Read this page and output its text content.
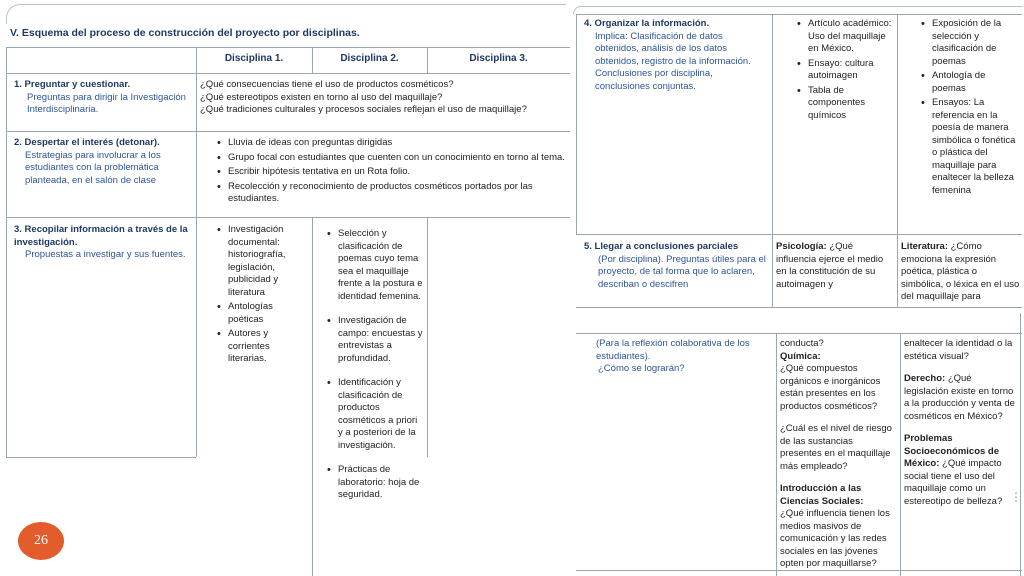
V. Esquema del proceso de construcción del proyecto por disciplinas.
Disciplina 1.	Disciplina 2.	Disciplina 3.
1. Preguntar y cuestionar.
Preguntas para dirigir la Investigación Interdisciplinaria.
¿Qué consecuencias tiene el uso de productos cosméticos?
¿Qué estereotipos existen en torno al uso del maquillaje?
¿Qué tradiciones culturales y procesos sociales reflejan el uso de maquillaje?
2. Despertar el interés (detonar).
Estrategias para involucrar a los estudiantes con la problemática planteada, en el salón de clase
• Lluvia de ideas con preguntas dirigidas
• Grupo focal con estudiantes que cuenten con un conocimiento en torno al tema.
• Escribir hipótesis tentativa en un Rota folio.
• Recolección y reconocimiento de productos cosméticos portados por las estudiantes.
3. Recopilar información a través de la investigación.
Propuestas a investigar y sus fuentes.
• Investigación documental: historiografía, legislación, publicidad y literatura
• Antologías poéticas
• Autores y corrientes literarias.
• Selección y clasificación de poemas cuyo tema sea el maquillaje frente a la postura e identidad femenina.
• Investigación de campo: encuestas y entrevistas a profundidad.
• Identificación y clasificación de productos cosméticos a priori y a posteriori de la investigación.
• Prácticas de laboratorio: hoja de seguridad.
26
4. Organizar la información.
Implica: Clasificación de datos obtenidos, análisis de los datos obtenidos, registro de la información. Conclusiones por disciplina, conclusiones conjuntas.
• Artículo académico: Uso del maquillaje en México.
• Ensayo: cultura autoimagen
• Tabla de componentes químicos
• Exposición de la selección y clasificación de poemas
• Antología de poemas
• Ensayos: La referencia en la poesía de manera simbólica o fonética o plástica del maquillaje para enaltecer la belleza femenina
5. Llegar a conclusiones parciales
(Por disciplina). Preguntas útiles para el proyecto, de tal forma que lo aclaren, describan o descifren
Psicología: ¿Qué influencia ejerce el medio en la constitución de su autoimagen y
Literatura: ¿Cómo emociona la expresión poética, plástica o simbólica, o léxica en el uso del maquillaje para
(Para la reflexión colaborativa de los estudiantes).
¿Cómo se lograrán?
conducta?
Química:
¿Qué compuestos orgánicos e inorgánicos están presentes en los productos cosméticos?
¿Cuál es el nivel de riesgo de las sustancias presentes en el maquillaje más empleado?
Introducción a las Ciencias Sociales:
¿Qué influencia tienen los medios masivos de comunicación y las redes sociales en las jóvenes opten por maquillarse?
enaltecer la identidad o la estética visual?
Derecho: ¿Qué legislación existe en torno a la producción y venta de cosméticos en México?
Problemas Socioeconómicos de México: ¿Qué impacto social tiene el uso del maquillaje como un estereotipo de belleza? ⋮
